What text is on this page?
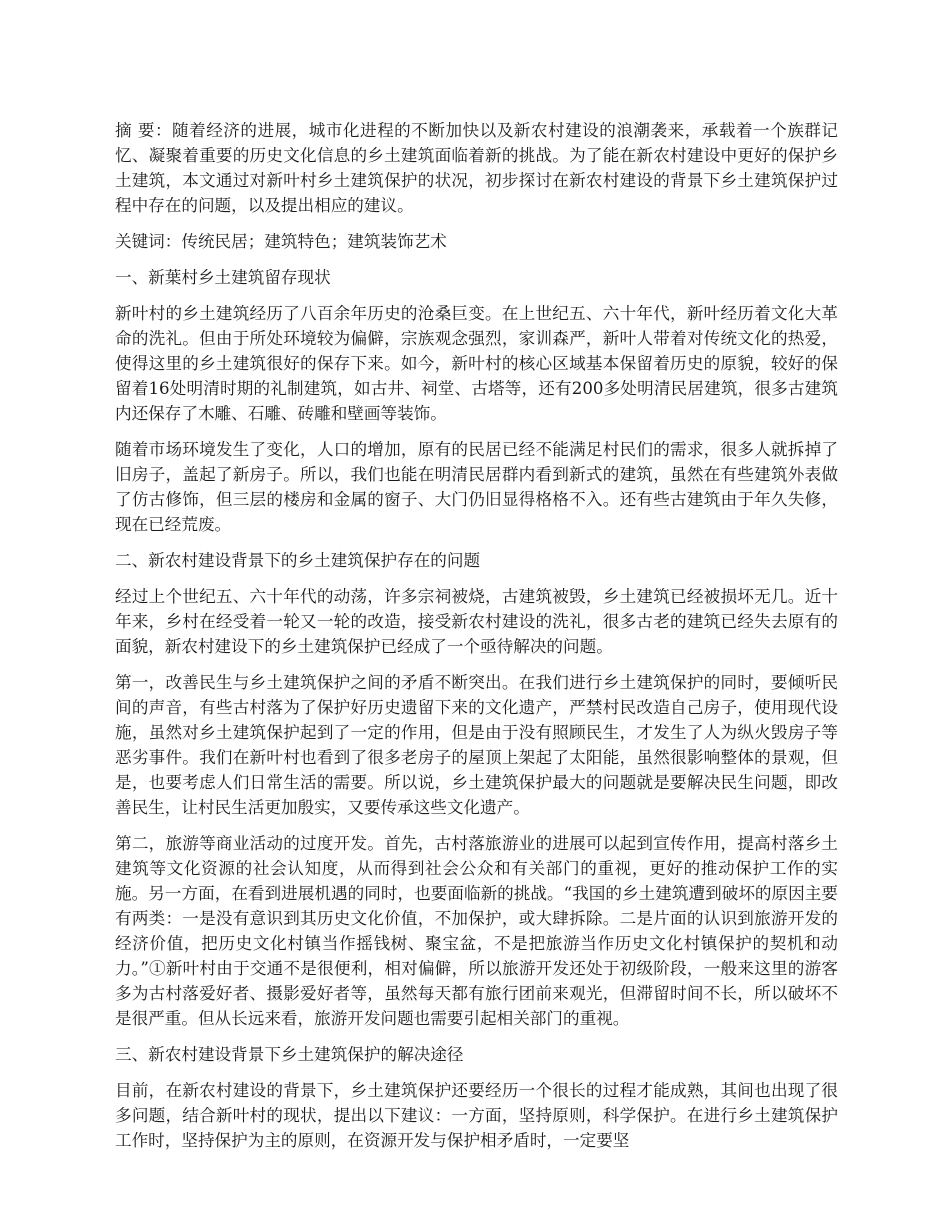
摘 要：随着经济的进展，城市化进程的不断加快以及新农村建设的浪潮袭来，承载着一个族群记忆、凝聚着重要的历史文化信息的乡土建筑面临着新的挑战。为了能在新农村建设中更好的保护乡土建筑，本文通过对新叶村乡土建筑保护的状况，初步探讨在新农村建设的背景下乡土建筑保护过程中存在的问题，以及提出相应的建议。

关键词：传统民居；建筑特色；建筑装饰艺术

一、新葉村乡土建筑留存现状

新叶村的乡土建筑经历了八百余年历史的沧桑巨变。在上世纪五、六十年代，新叶经历着文化大革命的洗礼。但由于所处环境较为偏僻，宗族观念强烈，家训森严，新叶人带着对传统文化的热爱，使得这里的乡土建筑很好的保存下来。如今，新叶村的核心区域基本保留着历史的原貌，较好的保留着16处明清时期的礼制建筑，如古井、祠堂、古塔等，还有200多处明清民居建筑，很多古建筑内还保存了木雕、石雕、砖雕和壁画等装饰。

随着市场环境发生了变化，人口的增加，原有的民居已经不能满足村民们的需求，很多人就拆掉了旧房子，盖起了新房子。所以，我们也能在明清民居群内看到新式的建筑，虽然在有些建筑外表做了仿古修饰，但三层的楼房和金属的窗子、大门仍旧显得格格不入。还有些古建筑由于年久失修，现在已经荒废。

二、新农村建设背景下的乡土建筑保护存在的问题

经过上个世纪五、六十年代的动荡，许多宗祠被烧，古建筑被毁，乡土建筑已经被损坏无几。近十年来，乡村在经受着一轮又一轮的改造，接受新农村建设的洗礼，很多古老的建筑已经失去原有的面貌，新农村建设下的乡土建筑保护已经成了一个亟待解决的问题。

第一，改善民生与乡土建筑保护之间的矛盾不断突出。在我们进行乡土建筑保护的同时，要倾听民间的声音，有些古村落为了保护好历史遗留下来的文化遗产，严禁村民改造自己房子，使用现代设施，虽然对乡土建筑保护起到了一定的作用，但是由于没有照顾民生，才发生了人为纵火毁房子等恶劣事件。我们在新叶村也看到了很多老房子的屋顶上架起了太阳能，虽然很影响整体的景观，但是，也要考虑人们日常生活的需要。所以说，乡土建筑保护最大的问题就是要解决民生问题，即改善民生，让村民生活更加殷实，又要传承这些文化遗产。

第二，旅游等商业活动的过度开发。首先，古村落旅游业的进展可以起到宣传作用，提高村落乡土建筑等文化资源的社会认知度，从而得到社会公众和有关部门的重视，更好的推动保护工作的实施。另一方面，在看到进展机遇的同时，也要面临新的挑战。“我国的乡土建筑遭到破坏的原因主要有两类：一是没有意识到其历史文化价值，不加保护，或大肆拆除。二是片面的认识到旅游开发的经济价值，把历史文化村镇当作摇钱树、聚宝盆，不是把旅游当作历史文化村镇保护的契机和动力。”①新叶村由于交通不是很便利，相对偏僻，所以旅游开发还处于初级阶段，一般来这里的游客多为古村落爱好者、摄影爱好者等，虽然每天都有旅行团前来观光，但滞留时间不长，所以破坏不是很严重。但从长远来看，旅游开发问题也需要引起相关部门的重视。

三、新农村建设背景下乡土建筑保护的解决途径

目前，在新农村建设的背景下，乡土建筑保护还要经历一个很长的过程才能成熟，其间也出现了很多问题，结合新叶村的现状，提出以下建议：一方面，坚持原则，科学保护。在进行乡土建筑保护工作时，坚持保护为主的原则，在资源开发与保护相矛盾时，一定要坚
